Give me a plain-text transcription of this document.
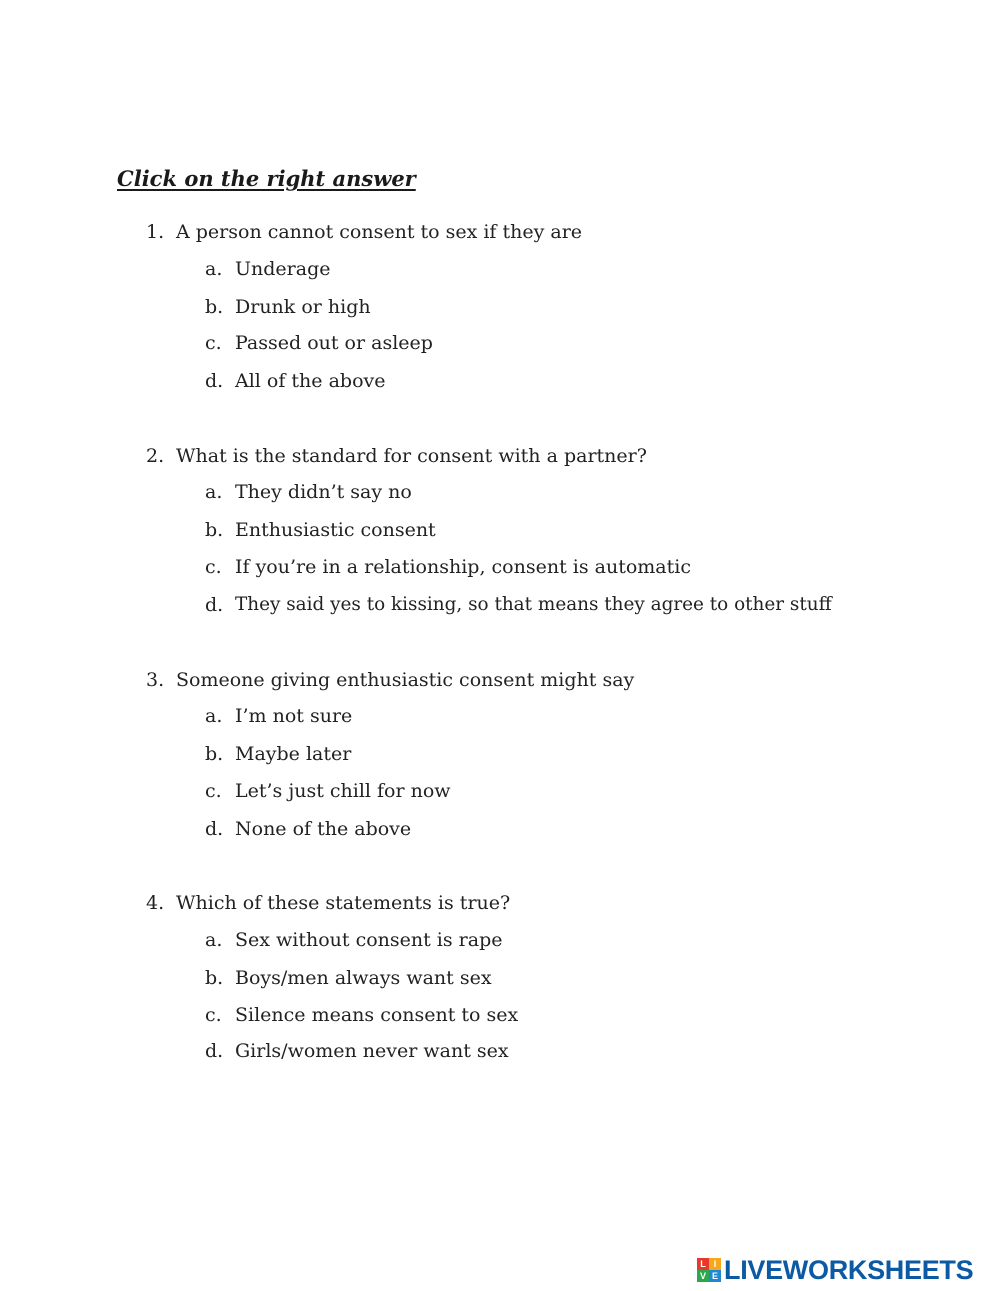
Click on the right answer
1. A person cannot consent to sex if they are
a. Underage
b. Drunk or high
c. Passed out or asleep
d. All of the above
2. What is the standard for consent with a partner?
a. They didn’t say no
b. Enthusiastic consent
c. If you’re in a relationship, consent is automatic
d. They said yes to kissing, so that means they agree to other stuff
3. Someone giving enthusiastic consent might say
a. I’m not sure
b. Maybe later
c. Let’s just chill for now
d. None of the above
4. Which of these statements is true?
a. Sex without consent is rape
b. Boys/men always want sex
c. Silence means consent to sex
d. Girls/women never want sex
L I
V E LIVEWORKSHEETS
